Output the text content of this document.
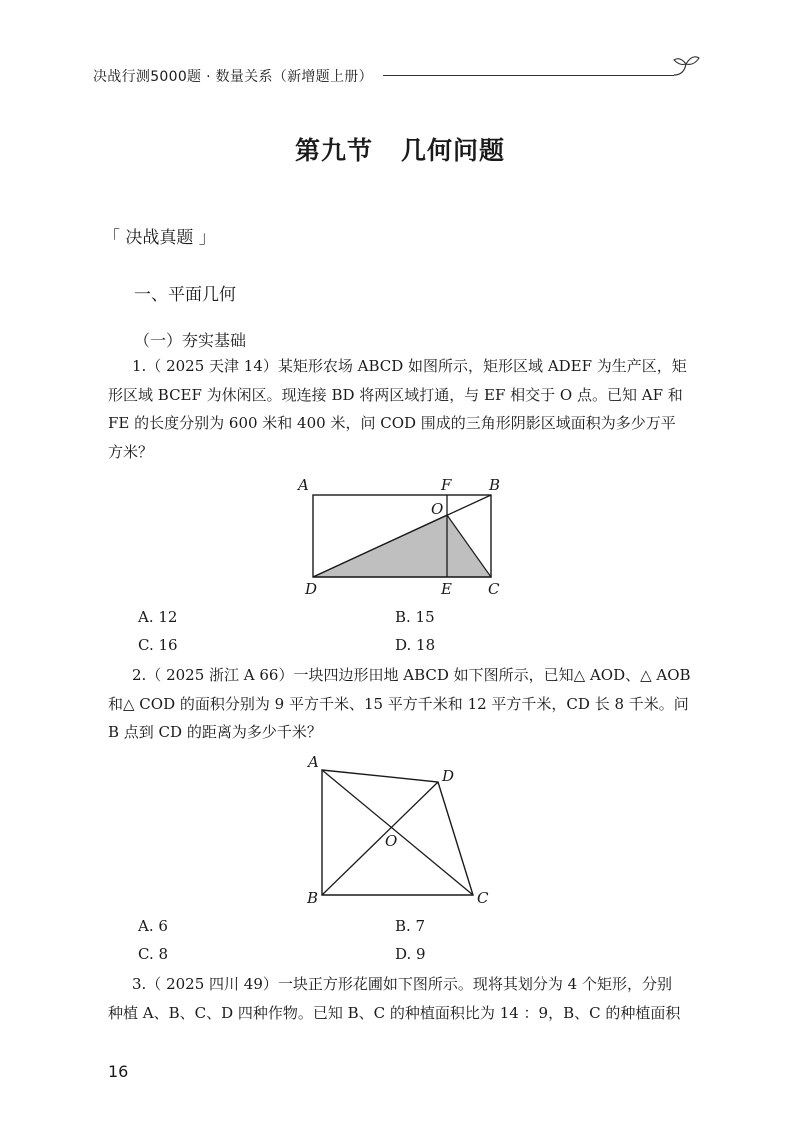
决战行测5000题 · 数量关系（新增题上册）
第九节 几何问题
「 决战真题 」
一、平面几何
（一）夯实基础
1.（ 2025 天津 14）某矩形农场 ABCD 如图所示，矩形区域 ADEF 为生产区，矩
形区域 BCEF 为休闲区。现连接 BD 将两区域打通，与 EF 相交于 O 点。已知 AF 和
FE 的长度分别为 600 米和 400 米，问 COD 围成的三角形阴影区域面积为多少万平
方米？
A	F	B
O
D	E C
A. 12	B. 15
C. 16	D. 18
2.（ 2025 浙江 A 66）一块四边形田地 ABCD 如下图所示，已知△ AOD、△ AOB
和△ COD 的面积分别为 9 平方千米、15 平方千米和 12 平方千米，CD 长 8 千米。问
B 点到 CD 的距离为多少千米？
A
D
O
B	C
A. 6	B. 7
C. 8	D. 9
3.（ 2025 四川 49）一块正方形花圃如下图所示。现将其划分为 4 个矩形，分别
种植 A、B、C、D 四种作物。已知 B、C 的种植面积比为 14 ：9，B、C 的种植面积
16
